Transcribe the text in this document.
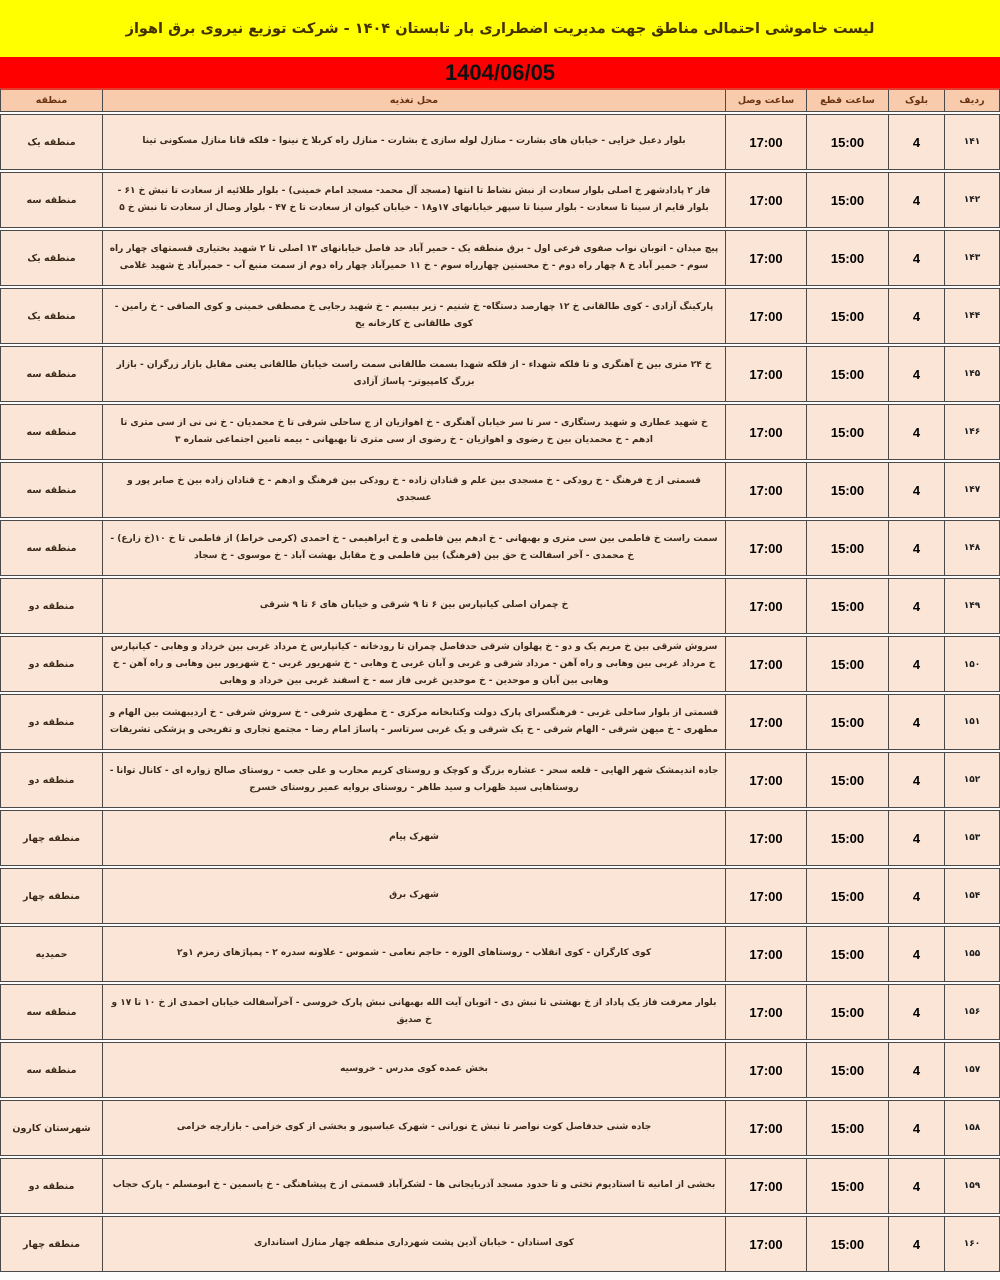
لیست خاموشی احتمالی مناطق جهت مدیریت اضطراری بار تابستان ۱۴۰۴ - شرکت توزیع نیروی برق اهواز
1404/06/05
ردیف
بلوک
ساعت قطع
ساعت وصل
محل تغذیه
منطقه
۱۴۱
4
15:00
17:00
بلوار دعبل خزایی - خیابان های بشارت - منازل لوله سازی خ بشارت - منازل راه کربلا خ نینوا - فلکه قانا منازل مسکونی تینا
منطقه یک
۱۴۲
4
15:00
17:00
فاز ۲ پادادشهر خ اصلی بلوار سعادت از نبش نشاط تا انتها (مسجد آل محمد- مسجد امام خمینی) - بلوار طلائیه از سعادت تا نبش خ ۶۱ - بلوار قایم از سینا تا سعادت - بلوار سینا تا سپهر خیابانهای ۱۷و۱۸ - خیابان کیوان از سعادت تا خ ۴۷ - بلوار وصال از سعادت تا نبش خ ۵
منطقه سه
۱۴۳
4
15:00
17:00
پیچ میدان - اتوبان نواب صفوی فرعی اول - برق منطقه یک - حمیر آباد حد فاصل خیابانهای ۱۳ اصلی تا ۲ شهید بختیاری قسمتهای چهار راه سوم - حمیر آباد خ ۸ چهار راه دوم - خ محسنین چهارراه سوم - خ ۱۱ حمیرآباد چهار راه دوم از سمت منبع آب - حمیرآباد خ شهید غلامی
منطقه یک
۱۴۴
4
15:00
17:00
پارکینگ آزادی - کوی طالقانی خ ۱۲ چهارصد دستگاه- خ شنیم - زیر بیسیم - خ شهید رجایی خ مصطفی خمینی و کوی الصافی - خ رامین - کوی طالقانی خ کارخانه یخ
منطقه یک
۱۴۵
4
15:00
17:00
خ ۲۴ متری بین خ آهنگری و تا فلکه شهداء - از فلکه شهدا بسمت طالقانی سمت راست خیابان طالقانی یعنی مقابل بازار زرگران - بازار بزرگ کامپیوتر- پاساژ آزادی
منطقه سه
۱۴۶
4
15:00
17:00
خ شهید عطاری و شهید رستگاری - سر تا سر خیابان آهنگری - خ اهوازیان از ج ساحلی شرقی تا خ محمدیان - خ نی نی از سی متری تا ادهم - خ محمدیان بین خ رضوی و اهوازیان - خ رضوی از سی متری تا بهبهانی - بیمه تامین اجتماعی شماره ۳
منطقه سه
۱۴۷
4
15:00
17:00
قسمتی از خ فرهنگ - خ رودکی - خ مسجدی بین علم و قنادان زاده - خ رودکی بین فرهنگ و ادهم - خ قنادان زاده بین خ صابر پور و عسجدی
منطقه سه
۱۴۸
4
15:00
17:00
سمت راست خ فاطمی بین سی متری و بهبهانی - خ ادهم بین فاطمی و خ ابراهیمی - خ احمدی (کرمی خراط) از فاطمی تا خ ۱۰(خ زارع) - خ محمدی - آخر اسفالت خ حق بین (فرهنگ) بین فاطمی و خ مقابل بهشت آباد - خ موسوی - خ سجاد
منطقه سه
۱۴۹
4
15:00
17:00
خ چمران اصلی کیانپارس بین ۶ تا ۹ شرقی و خیابان های ۶ تا ۹ شرقی
منطقه دو
۱۵۰
4
15:00
17:00
سروش شرقی بین خ مریم یک و دو - خ پهلوان شرقی حدفاصل چمران تا رودخانه - کیانپارس خ مرداد غربی بین خرداد و وهابی - کیانپارس خ مرداد غربی بین وهابی و راه آهن - مرداد شرقی و غربی و آبان غربی خ وهابی - خ شهریور غربی - خ شهریور بین وهابی و راه آهن - خ وهابی بین آبان و موحدین - خ موحدین غربی فاز سه - خ اسفند غربی بین خرداد و وهابی
منطقه دو
۱۵۱
4
15:00
17:00
قسمتی از بلوار ساحلی غربی - فرهنگسرای پارک دولت وکتابخانه مرکزی - خ مطهری شرقی - خ سروش شرقی - خ اردیبهشت بین الهام و مطهری - خ میهن شرقی - الهام شرقی - خ یک شرقی و یک غربی سرتاسر - پاساژ امام رضا - مجتمع تجاری و تفریحی و پزشکی تشریفات
منطقه دو
۱۵۲
4
15:00
17:00
جاده اندیمشک شهر الهایی - قلعه سحر - عشاره بزرگ و کوچک و روستای کریم محارب و علی جعب - روستای صالح زواره ای - کانال توانا - روستاهایی سید ظهراب و سید طاهر - روستای بروایه عمیر روستای خسرج
منطقه دو
۱۵۳
4
15:00
17:00
شهرک پیام
منطقه چهار
۱۵۴
4
15:00
17:00
شهرک برق
منطقه چهار
۱۵۵
4
15:00
17:00
کوی کارگران - کوی انقلاب - روستاهای الوزه - حاجم نعامی - شموس - علاونه سدره ۲ - پمپاژهای زمزم ۱و۲
حمیدیه
۱۵۶
4
15:00
17:00
بلوار معرفت فاز یک پاداد از خ بهشتی تا نبش دی - اتوبان آیت الله بهبهانی نبش پارک خروسی - آخرآسفالت خیابان احمدی از خ ۱۰ تا ۱۷ و خ صدیق
منطقه سه
۱۵۷
4
15:00
17:00
بخش عمده کوی مدرس - خروسیه
منطقه سه
۱۵۸
4
15:00
17:00
جاده شنی حدفاصل کوت نواصر تا نبش خ نورانی - شهرک عباسپور و بخشی از کوی خزامی - بازارچه خزامی
شهرستان کارون
۱۵۹
4
15:00
17:00
بخشی از امانیه تا استادیوم تختی و تا حدود مسجد آذربایجانی ها - لشکرآباد قسمتی از خ پیشاهنگی - خ یاسمین - خ ابومسلم - پارک حجاب
منطقه دو
۱۶۰
4
15:00
17:00
کوی استادان - خیابان آذین پشت شهرداری منطقه چهار منازل استانداری
منطقه چهار
